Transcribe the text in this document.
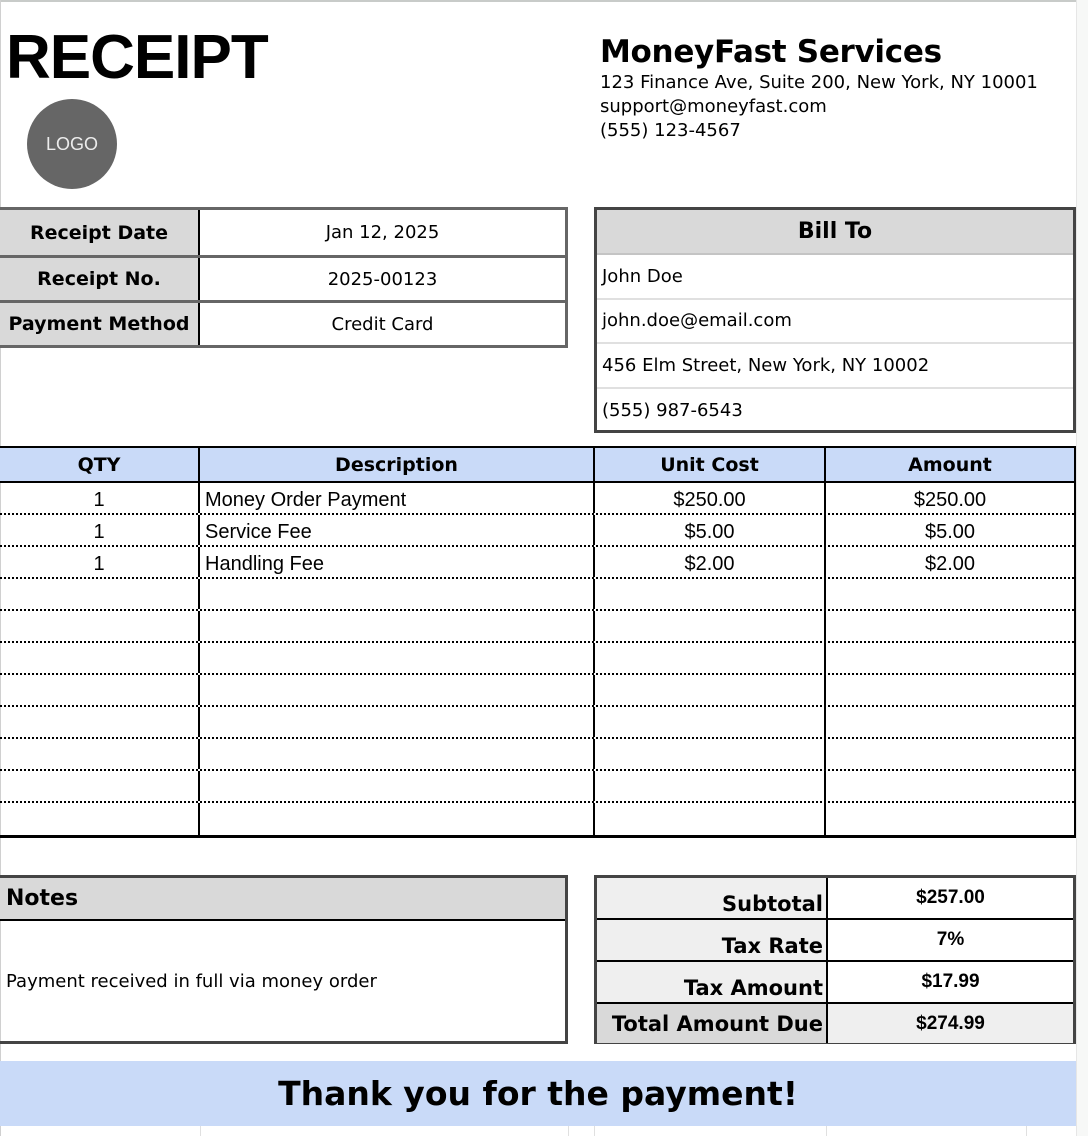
RECEIPT
LOGO
MoneyFast Services
123 Finance Ave, Suite 200, New York, NY 10001
support@moneyfast.com
(555) 123-4567
Receipt Date	Jan 12, 2025
Receipt No.	2025-00123
Payment Method	Credit Card
Bill To
John Doe
john.doe@email.com
456 Elm Street, New York, NY 10002
(555) 987-6543
QTY	Description	Unit Cost	Amount
1	Money Order Payment	$250.00	$250.00
1	Service Fee	$5.00	$5.00
1	Handling Fee	$2.00	$2.00
Notes
Payment received in full via money order
Subtotal	$257.00
Tax Rate	7%
Tax Amount	$17.99
Total Amount Due	$274.99
Thank you for the payment!
